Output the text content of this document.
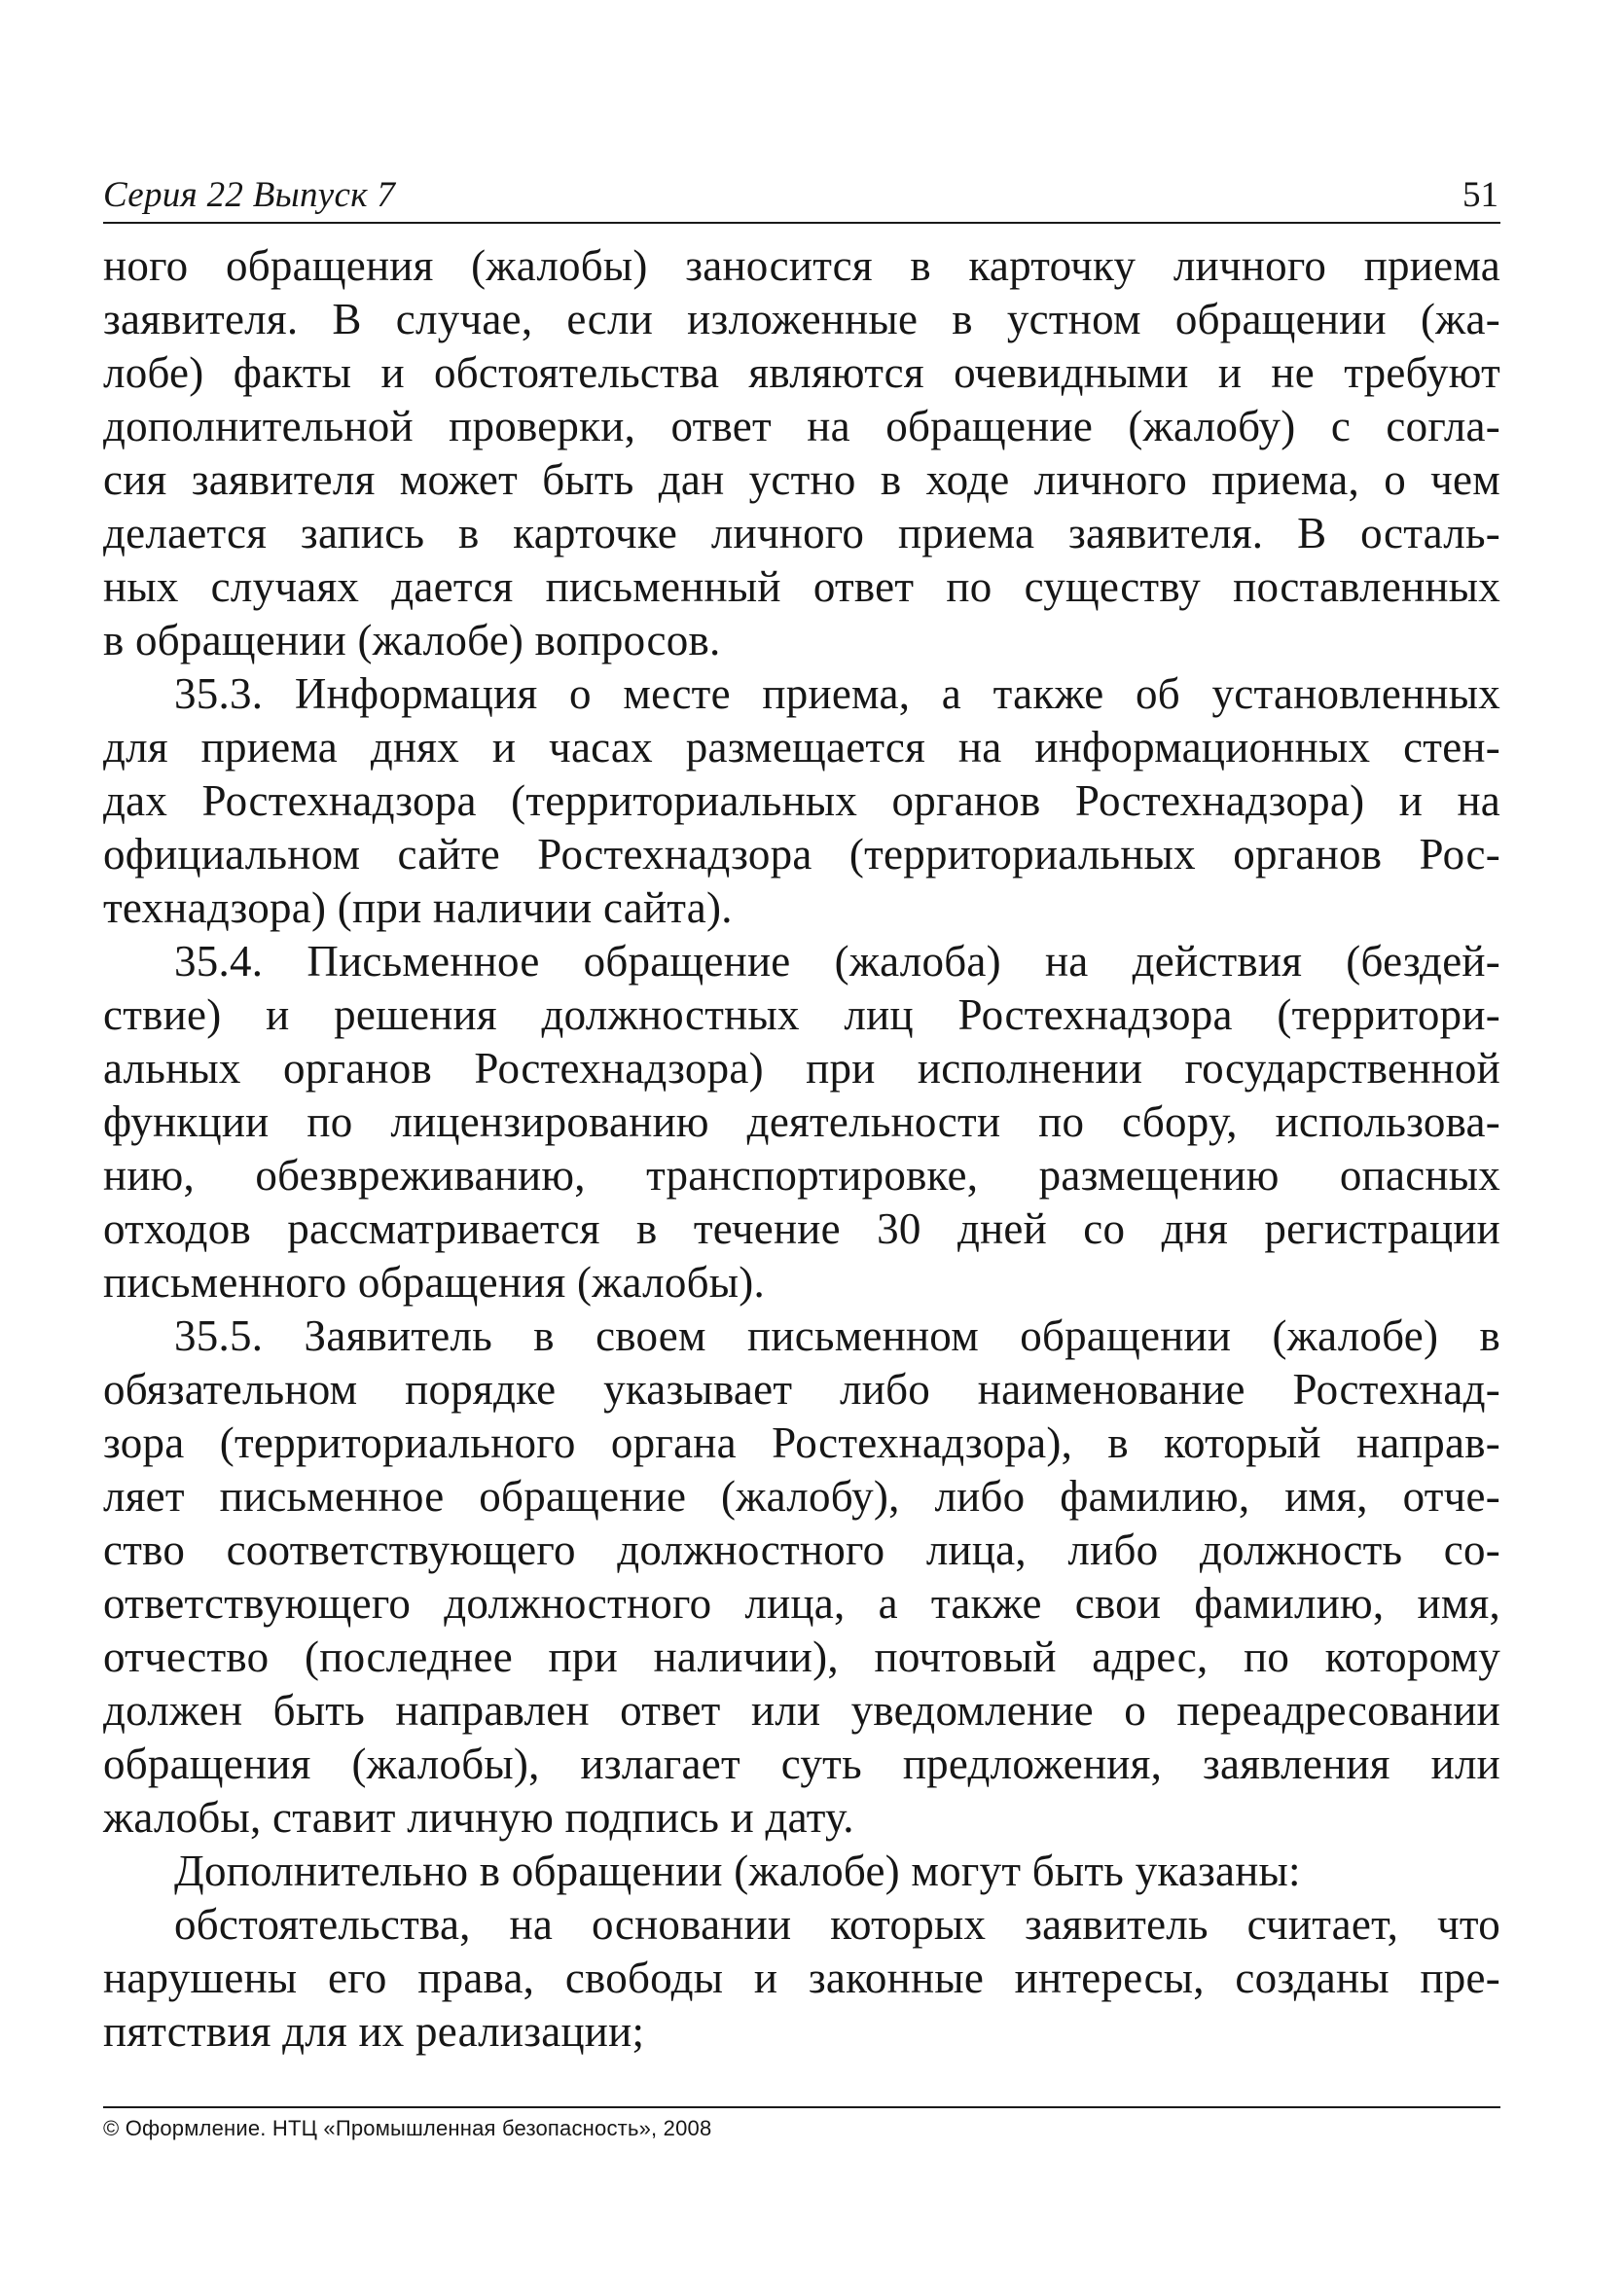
Серия 22 Выпуск 7	51
ного обращения (жалобы) заносится в карточку личного приема
заявителя. В случае, если изложенные в устном обращении (жа-
лобе) факты и обстоятельства являются очевидными и не требуют
дополнительной проверки, ответ на обращение (жалобу) с согла-
сия заявителя может быть дан устно в ходе личного приема, о чем
делается запись в карточке личного приема заявителя. В осталь-
ных случаях дается письменный ответ по существу поставленных
в обращении (жалобе) вопросов.
35.3. Информация о месте приема, а также об установленных
для приема днях и часах размещается на информационных стен-
дах Ростехнадзора (территориальных органов Ростехнадзора) и на
официальном сайте Ростехнадзора (территориальных органов Рос-
технадзора) (при наличии сайта).
35.4. Письменное обращение (жалоба) на действия (бездей-
ствие) и решения должностных лиц Ростехнадзора (территори-
альных органов Ростехнадзора) при исполнении государственной
функции по лицензированию деятельности по сбору, использова-
нию, обезвреживанию, транспортировке, размещению опасных
отходов рассматривается в течение 30 дней со дня регистрации
письменного обращения (жалобы).
35.5. Заявитель в своем письменном обращении (жалобе) в
обязательном порядке указывает либо наименование Ростехнад-
зора (территориального органа Ростехнадзора), в который направ-
ляет письменное обращение (жалобу), либо фамилию, имя, отче-
ство соответствующего должностного лица, либо должность со-
ответствующего должностного лица, а также свои фамилию, имя,
отчество (последнее при наличии), почтовый адрес, по которому
должен быть направлен ответ или уведомление о переадресовании
обращения (жалобы), излагает суть предложения, заявления или
жалобы, ставит личную подпись и дату.
Дополнительно в обращении (жалобе) могут быть указаны:
обстоятельства, на основании которых заявитель считает, что
нарушены его права, свободы и законные интересы, созданы пре-
пятствия для их реализации;
© Оформление. НТЦ «Промышленная безопасность», 2008
